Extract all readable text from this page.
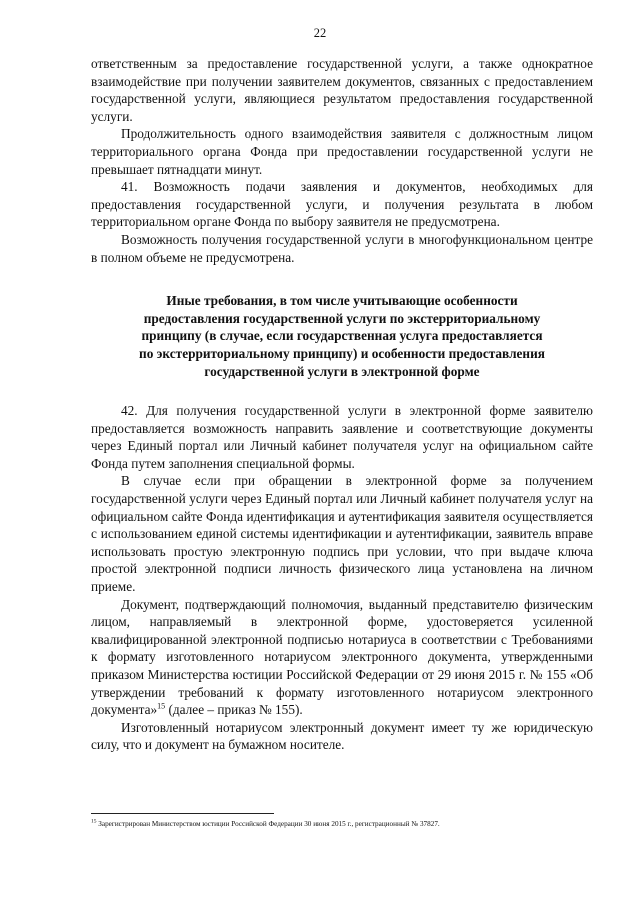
22

ответственным за предоставление государственной услуги, а также однократное взаимодействие при получении заявителем документов, связанных с предоставлением государственной услуги, являющиеся результатом предоставления государственной услуги.

Продолжительность одного взаимодействия заявителя с должностным лицом территориального органа Фонда при предоставлении государственной услуги не превышает пятнадцати минут.

41. Возможность подачи заявления и документов, необходимых для предоставления государственной услуги, и получения результата в любом территориальном органе Фонда по выбору заявителя не предусмотрена.

Возможность получения государственной услуги в многофункциональном центре в полном объеме не предусмотрена.

Иные требования, в том числе учитывающие особенности
предоставления государственной услуги по экстерриториальному
принципу (в случае, если государственная услуга предоставляется
по экстерриториальному принципу) и особенности предоставления
государственной услуги в электронной форме

42. Для получения государственной услуги в электронной форме заявителю предоставляется возможность направить заявление и соответствующие документы через Единый портал или Личный кабинет получателя услуг на официальном сайте Фонда путем заполнения специальной формы.

В случае если при обращении в электронной форме за получением государственной услуги через Единый портал или Личный кабинет получателя услуг на официальном сайте Фонда идентификация и аутентификация заявителя осуществляется с использованием единой системы идентификации и аутентификации, заявитель вправе использовать простую электронную подпись при условии, что при выдаче ключа простой электронной подписи личность физического лица установлена на личном приеме.

Документ, подтверждающий полномочия, выданный представителю физическим лицом, направляемый в электронной форме, удостоверяется усиленной квалифицированной электронной подписью нотариуса в соответствии с Требованиями к формату изготовленного нотариусом электронного документа, утвержденными приказом Министерства юстиции Российской Федерации от 29 июня 2015 г. № 155 «Об утверждении требований к формату изготовленного нотариусом электронного документа»$^{15}$ (далее – приказ № 155).

Изготовленный нотариусом электронный документ имеет ту же юридическую силу, что и документ на бумажном носителе.

$^{15}$ Зарегистрирован Министерством юстиции Российской Федерации 30 июня 2015 г., регистрационный № 37827.
